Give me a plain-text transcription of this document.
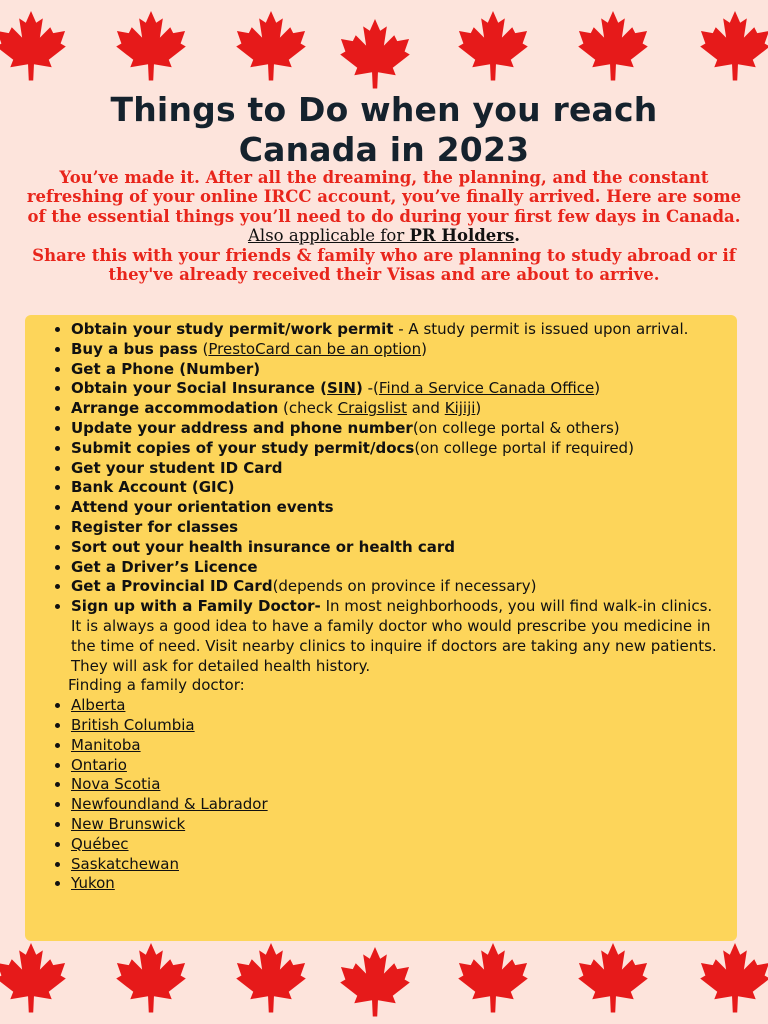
Things to Do when you reach
Canada in 2023
You’ve made it. After all the dreaming, the planning, and the constant refreshing of your online IRCC account, you’ve finally arrived. Here are some of the essential things you’ll need to do during your first few days in Canada. Also applicable for PR Holders.
Share this with your friends & family who are planning to study abroad or if they've already received their Visas and are about to arrive.
• Obtain your study permit/work permit - A study permit is issued upon arrival.
• Buy a bus pass (PrestoCard can be an option)
• Get a Phone (Number)
• Obtain your Social Insurance (SIN) -(Find a Service Canada Office)
• Arrange accommodation (check Craigslist and Kijiji)
• Update your address and phone number(on college portal & others)
• Submit copies of your study permit/docs(on college portal if required)
• Get your student ID Card
• Bank Account (GIC)
• Attend your orientation events
• Register for classes
• Sort out your health insurance or health card
• Get a Driver’s Licence
• Get a Provincial ID Card(depends on province if necessary)
• Sign up with a Family Doctor- In most neighborhoods, you will find walk-in clinics. It is always a good idea to have a family doctor who would prescribe you medicine in the time of need. Visit nearby clinics to inquire if doctors are taking any new patients. They will ask for detailed health history.
Finding a family doctor:
• Alberta
• British Columbia
• Manitoba
• Ontario
• Nova Scotia
• Newfoundland & Labrador
• New Brunswick
• Québec
• Saskatchewan
• Yukon
